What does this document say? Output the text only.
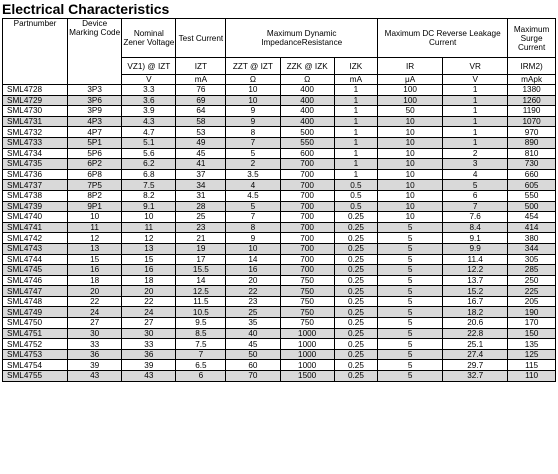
Electrical Characteristics
Partnumber	Device Marking Code	Nominal Zener Voltage	Test Current	Maximum Dynamic ImpedanceResistance			Maximum DC Reverse Leakage Current		Maximum Surge Current
		VZ1) @ IZT	IZT	ZZT @ IZT	ZZK @ IZK	IZK	IR	VR	IRM2)
		V	mA	Ω	Ω	mA	μA	V	mApk
SML4728	3P3	3.3	76	10	400	1	100	1	1380
SML4729	3P6	3.6	69	10	400	1	100	1	1260
SML4730	3P9	3.9	64	9	400	1	50	1	1190
SML4731	4P3	4.3	58	9	400	1	10	1	1070
SML4732	4P7	4.7	53	8	500	1	10	1	970
SML4733	5P1	5.1	49	7	550	1	10	1	890
SML4734	5P6	5.6	45	5	600	1	10	2	810
SML4735	6P2	6.2	41	2	700	1	10	3	730
SML4736	6P8	6.8	37	3.5	700	1	10	4	660
SML4737	7P5	7.5	34	4	700	0.5	10	5	605
SML4738	8P2	8.2	31	4.5	700	0.5	10	6	550
SML4739	9P1	9.1	28	5	700	0.5	10	7	500
SML4740	10	10	25	7	700	0.25	10	7.6	454
SML4741	11	11	23	8	700	0.25	5	8.4	414
SML4742	12	12	21	9	700	0.25	5	9.1	380
SML4743	13	13	19	10	700	0.25	5	9.9	344
SML4744	15	15	17	14	700	0.25	5	11.4	305
SML4745	16	16	15.5	16	700	0.25	5	12.2	285
SML4746	18	18	14	20	750	0.25	5	13.7	250
SML4747	20	20	12.5	22	750	0.25	5	15.2	225
SML4748	22	22	11.5	23	750	0.25	5	16.7	205
SML4749	24	24	10.5	25	750	0.25	5	18.2	190
SML4750	27	27	9.5	35	750	0.25	5	20.6	170
SML4751	30	30	8.5	40	1000	0.25	5	22.8	150
SML4752	33	33	7.5	45	1000	0.25	5	25.1	135
SML4753	36	36	7	50	1000	0.25	5	27.4	125
SML4754	39	39	6.5	60	1000	0.25	5	29.7	115
SML4755	43	43	6	70	1500	0.25	5	32.7	110
